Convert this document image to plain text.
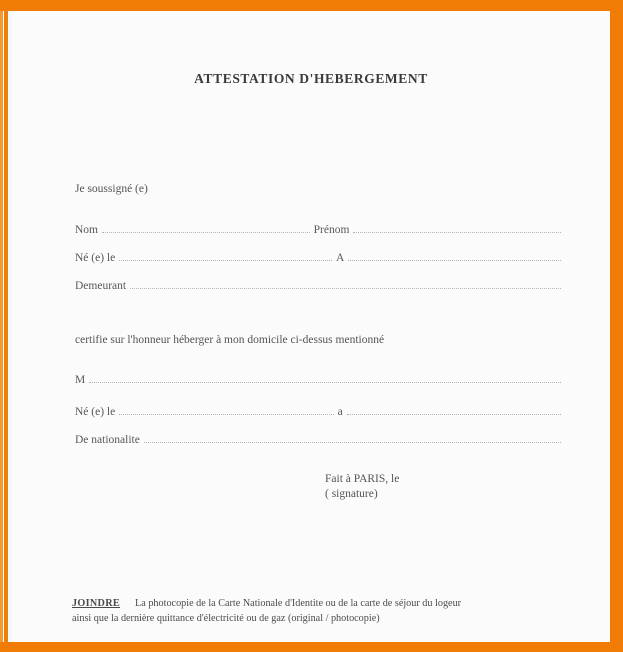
ATTESTATION D'HEBERGEMENT
Je soussigné (e)
Nom	Prénom
Né (e) le	A
Demeurant
certifie sur l'honneur héberger à mon domicile ci-dessus mentionné
M
Né (e) le	a
De nationalite
Fait à PARIS, le
( signature)
JOINDRE La photocopie de la Carte Nationale d'Identite ou de la carte de séjour du logeur
ainsi que la dernière quittance d'électricité ou de gaz (original / photocopie)
